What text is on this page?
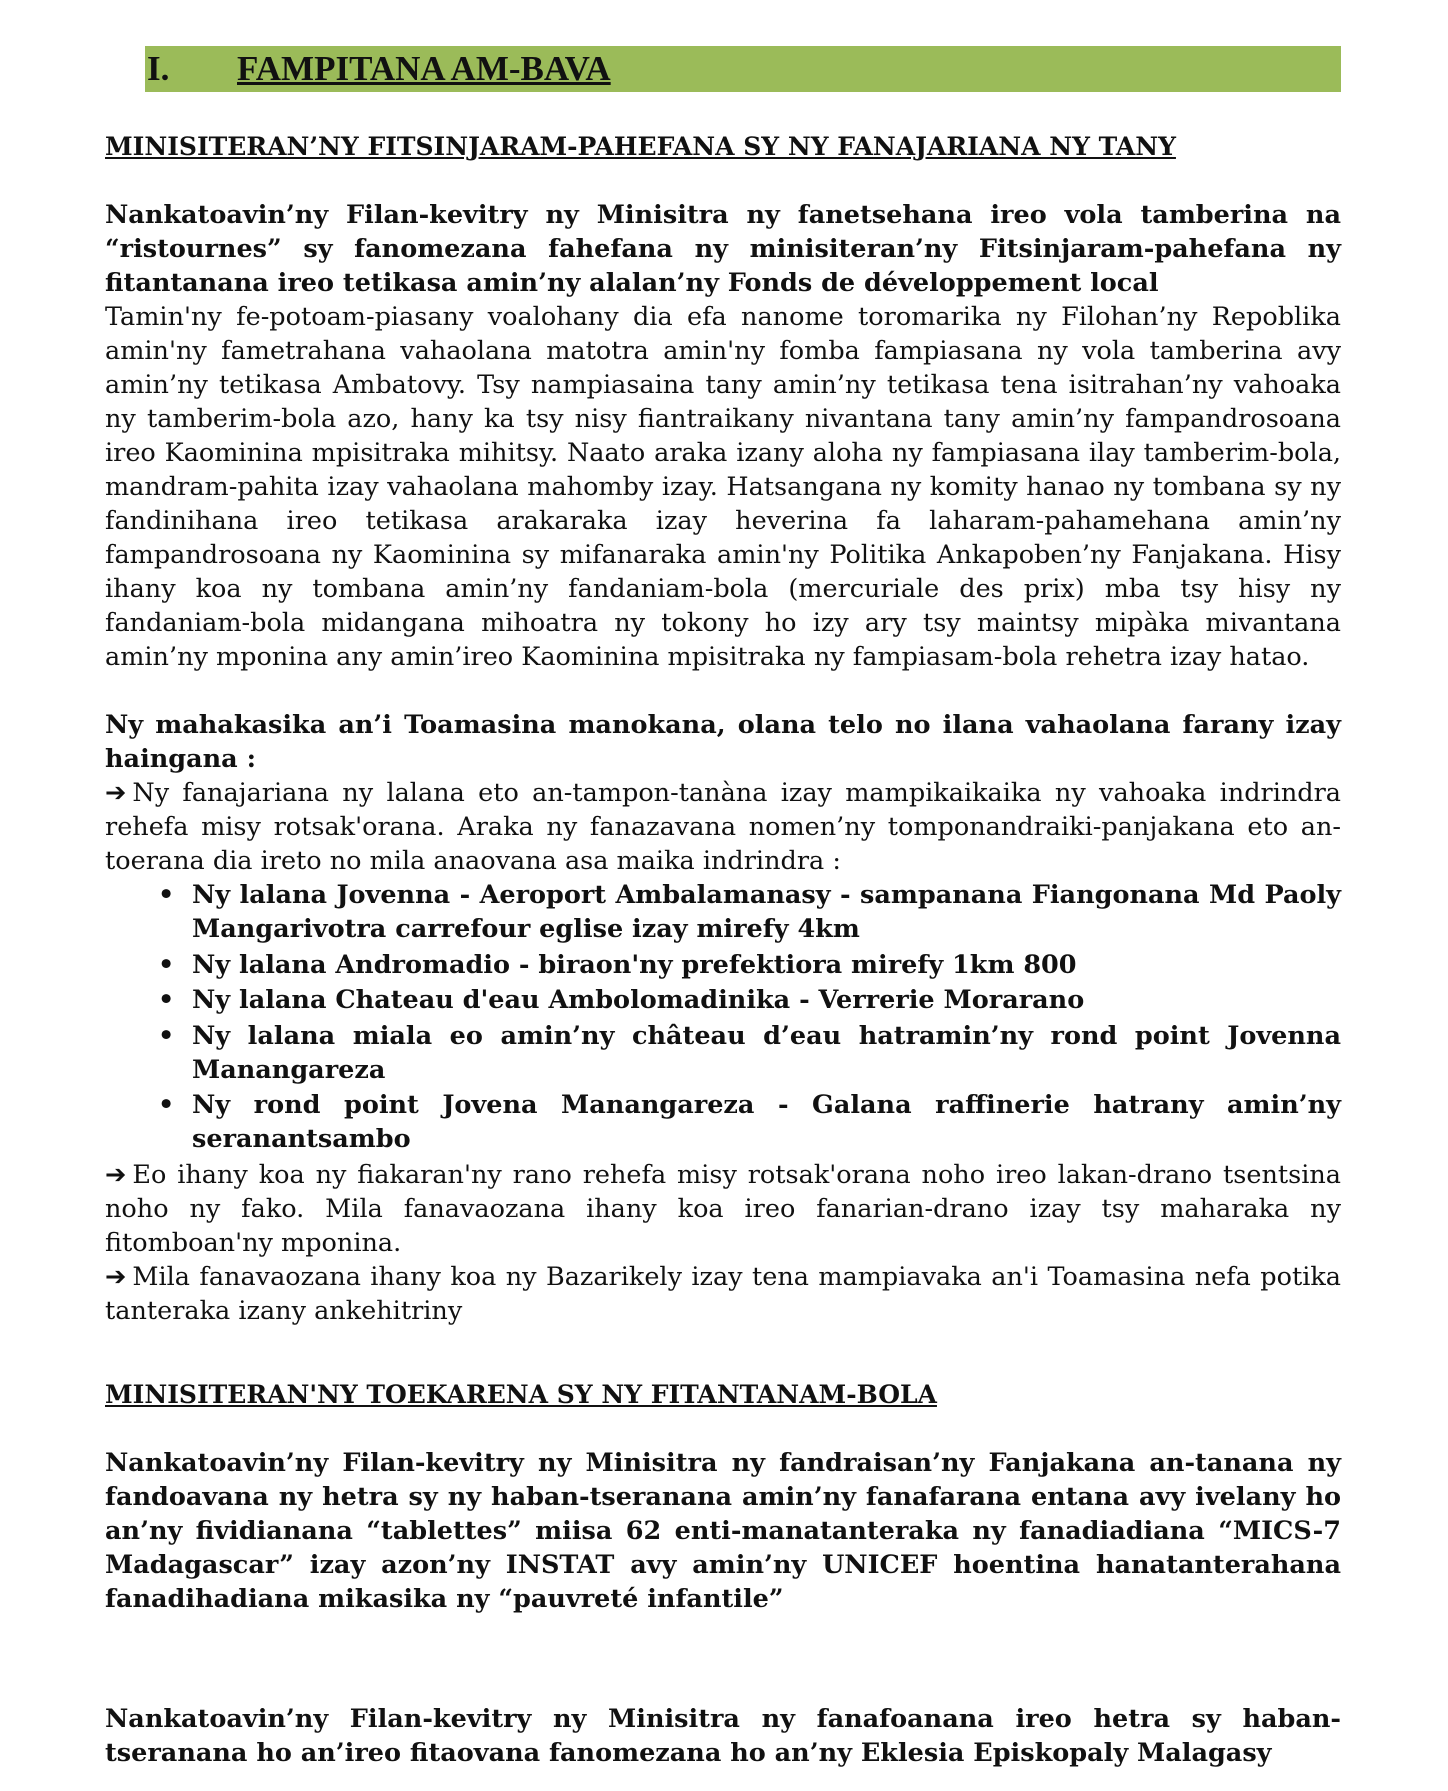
I.	FAMPITANA AM-BAVA
MINISITERAN’NY FITSINJARAM-PAHEFANA SY NY FANAJARIANA NY TANY

Nankatoavin’ny Filan-kevitry ny Minisitra ny fanetsehana ireo vola tamberina na “ristournes” sy fanomezana fahefana ny minisiteran’ny Fitsinjaram-pahefana ny fitantanana ireo tetikasa amin’ny alalan’ny Fonds de développement local

Tamin'ny fe-potoam-piasany voalohany dia efa nanome toromarika ny Filohan’ny Repoblika amin'ny fametrahana vahaolana matotra amin'ny fomba fampiasana ny vola tamberina avy amin’ny tetikasa Ambatovy. Tsy nampiasaina tany amin’ny tetikasa tena isitrahan’ny vahoaka ny tamberim-bola azo, hany ka tsy nisy fiantraikany nivantana tany amin’ny fampandrosoana ireo Kaominina mpisitraka mihitsy. Naato araka izany aloha ny fampiasana ilay tamberim-bola, mandram-pahita izay vahaolana mahomby izay. Hatsangana ny komity hanao ny tombana sy ny fandinihana ireo tetikasa arakaraka izay heverina fa laharam-pahamehana amin’ny fampandrosoana ny Kaominina sy mifanaraka amin'ny Politika Ankapoben’ny Fanjakana. Hisy ihany koa ny tombana amin’ny fandaniam-bola (mercuriale des prix) mba tsy hisy ny fandaniam-bola midangana mihoatra ny tokony ho izy ary tsy maintsy mipàka mivantana amin’ny mponina any amin’ireo Kaominina mpisitraka ny fampiasam-bola rehetra izay hatao.

Ny mahakasika an’i Toamasina manokana, olana telo no ilana vahaolana farany izay haingana :

➔ Ny fanajariana ny lalana eto an-tampon-tanàna izay mampikaikaika ny vahoaka indrindra rehefa misy rotsak'orana. Araka ny fanazavana nomen’ny tomponandraiki-panjakana eto an-toerana dia ireto no mila anaovana asa maika indrindra :

• Ny lalana Jovenna - Aeroport Ambalamanasy - sampanana Fiangonana Md Paoly Mangarivotra carrefour eglise izay mirefy 4km
• Ny lalana Andromadio - biraon'ny prefektiora mirefy 1km 800
• Ny lalana Chateau d'eau Ambolomadinika - Verrerie Morarano
• Ny lalana miala eo amin’ny château d’eau hatramin’ny rond point Jovenna Manangareza
• Ny rond point Jovena Manangareza - Galana raffinerie hatrany amin’ny seranantsambo

➔ Eo ihany koa ny fiakaran'ny rano rehefa misy rotsak'orana noho ireo lakan-drano tsentsina noho ny fako. Mila fanavaozana ihany koa ireo fanarian-drano izay tsy maharaka ny fitomboan'ny mponina.

➔ Mila fanavaozana ihany koa ny Bazarikely izay tena mampiavaka an'i Toamasina nefa potika tanteraka izany ankehitriny

MINISITERAN'NY TOEKARENA SY NY FITANTANAM-BOLA

Nankatoavin’ny Filan-kevitry ny Minisitra ny fandraisan’ny Fanjakana an-tanana ny fandoavana ny hetra sy ny haban-tseranana amin’ny fanafarana entana avy ivelany ho an’ny fividianana “tablettes” miisa 62 enti-manatanteraka ny fanadiadiana “MICS-7 Madagascar” izay azon’ny INSTAT avy amin’ny UNICEF hoentina hanatanterahana fanadihadiana mikasika ny “pauvreté infantile”

Nankatoavin’ny Filan-kevitry ny Minisitra ny fanafoanana ireo hetra sy haban-tseranana ho an’ireo fitaovana fanomezana ho an’ny Eklesia Episkopaly Malagasy
